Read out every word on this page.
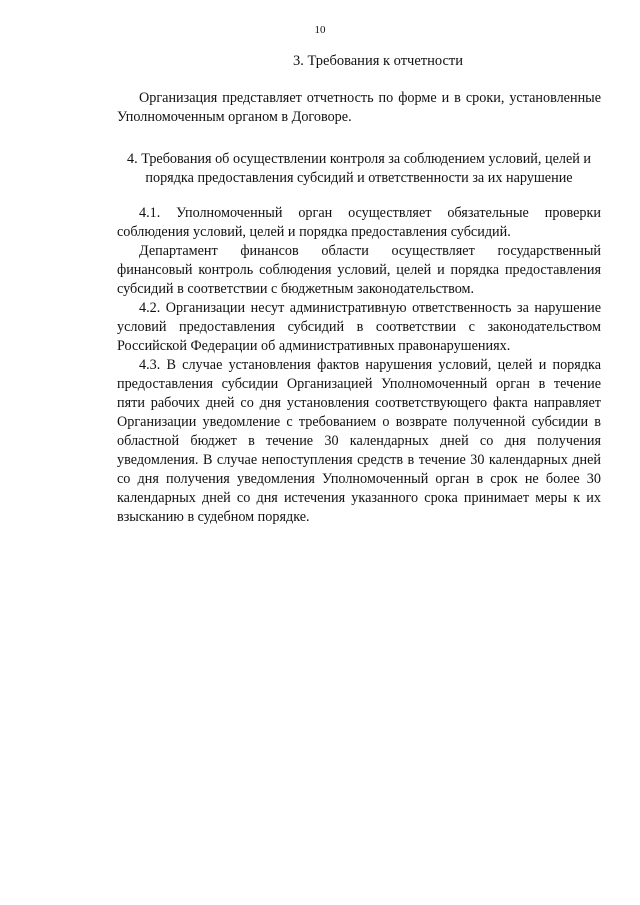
10
3. Требования к отчетности

Организация представляет отчетность по форме и в сроки, установленные Уполномоченным органом в Договоре.

4. Требования об осуществлении контроля за соблюдением условий, целей и порядка предоставления субсидий и ответственности за их нарушение

4.1. Уполномоченный орган осуществляет обязательные проверки соблюдения условий, целей и порядка предоставления субсидий.

Департамент финансов области осуществляет государственный финансовый контроль соблюдения условий, целей и порядка предоставления субсидий в соответствии с бюджетным законодательством.

4.2. Организации несут административную ответственность за нарушение условий предоставления субсидий в соответствии с законодательством Российской Федерации об административных правонарушениях.

4.3. В случае установления фактов нарушения условий, целей и порядка предоставления субсидии Организацией Уполномоченный орган в течение пяти рабочих дней со дня установления соответствующего факта направляет Организации уведомление с требованием о возврате полученной субсидии в областной бюджет в течение 30 календарных дней со дня получения уведомления. В случае непоступления средств в течение 30 календарных дней со дня получения уведомления Уполномоченный орган в срок не более 30 календарных дней со дня истечения указанного срока принимает меры к их взысканию в судебном порядке.
